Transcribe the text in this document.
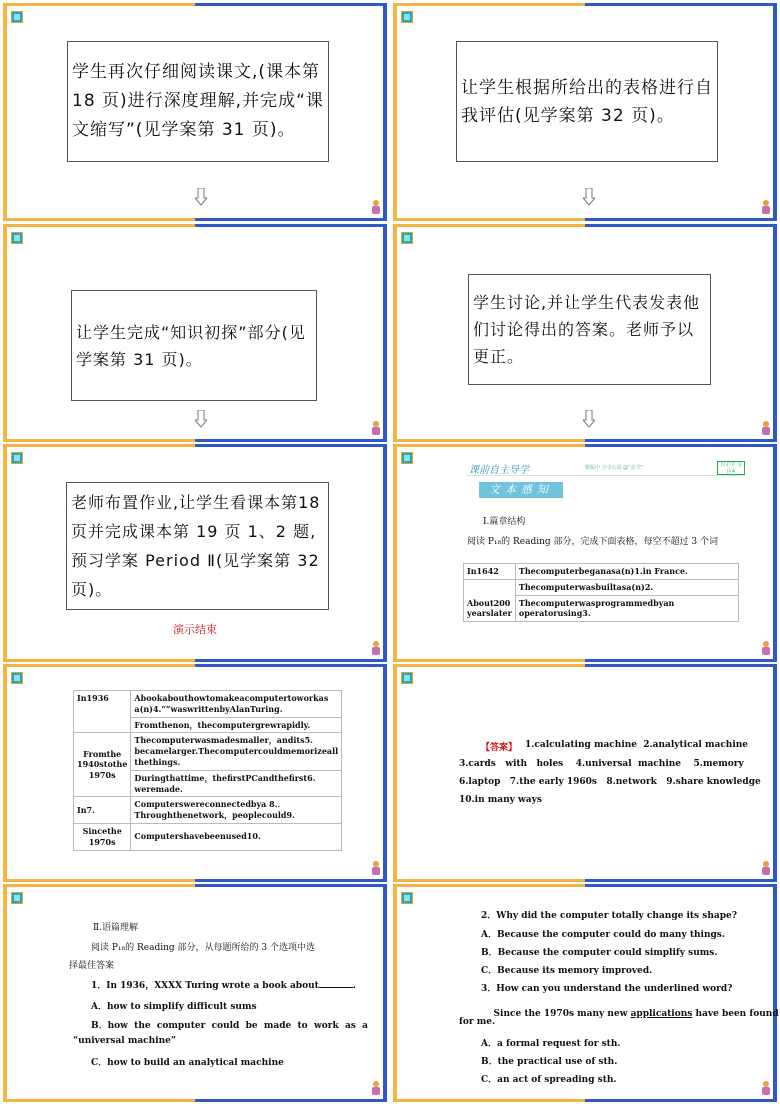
学生再次仔细阅读课文,(课本第18 页)进行深度理解,并完成“课文缩写”(见学案第 31 页)。
让学生根据所给出的表格进行自我评估(见学案第 32 页)。
让学生完成“知识初探”部分(见学案第 31 页)。
学生讨论,并让学生代表发表他们讨论得出的答案。老师予以更正。
老师布置作业,让学生看课本第18 页并完成课本第 19 页 1、2 题,预习学案 Period Ⅱ(见学案第 32 页)。
演示结束
课前自主导学	模板中 分享公益 @“益学”	自主学 习区4
文本感知
Ⅰ.篇章结构
阅读 P₁₈的 Reading 部分，完成下面表格，每空不超过 3 个词
In1642	Thecomputerbeganasa(n)1.in France.
About200 yearslater	Thecomputerwasbuiltasa(n)2.
	Thecomputerwasprogrammedbyan operatorusing3.
In1936	Abookabouthowtomakeacomputertoworkas a(n)4.“”waswrittenbyAlanTuring.
	Fromthenon，thecomputergrewrapidly.
Fromthe 1940stothe 1970s	Thecomputerwasmadesmaller，andits5. becamelarger.Thecomputercouldmemorizeall thethings.
	Duringthattime，thefirstPCandthefirst6. weremade.
In7.	Computerswereconnectedbya 8.．Throughthenetwork，peoplecould9.
Sincethe 1970s	Computershavebeenused10.
【答案】 1.calculating machine  2.analytical machine
3.cards   with   holes    4.universal  machine    5.memory
6.laptop   7.the early 1960s   8.network   9.share knowledge
10.in many ways
Ⅱ.语篇理解
阅读 P₁₈的 Reading 部分，从每题所给的 3 个选项中选
择最佳答案
1．In 1936，XXXX Turing wrote a book about	.
A．how to simplify difficult sums
B．how  the  computer  could  be  made  to  work  as  a
“universal machine”
C．how to build an analytical machine
2．Why did the computer totally change its shape?
A．Because the computer could do many things.
B．Because the computer could simplify sums.
C．Because its memory improved.
3．How can you understand the underlined word?

Since the 1970s many new applications have been found

for me.
A．a formal request for sth.
B．the practical use of sth.
C．an act of spreading sth.
